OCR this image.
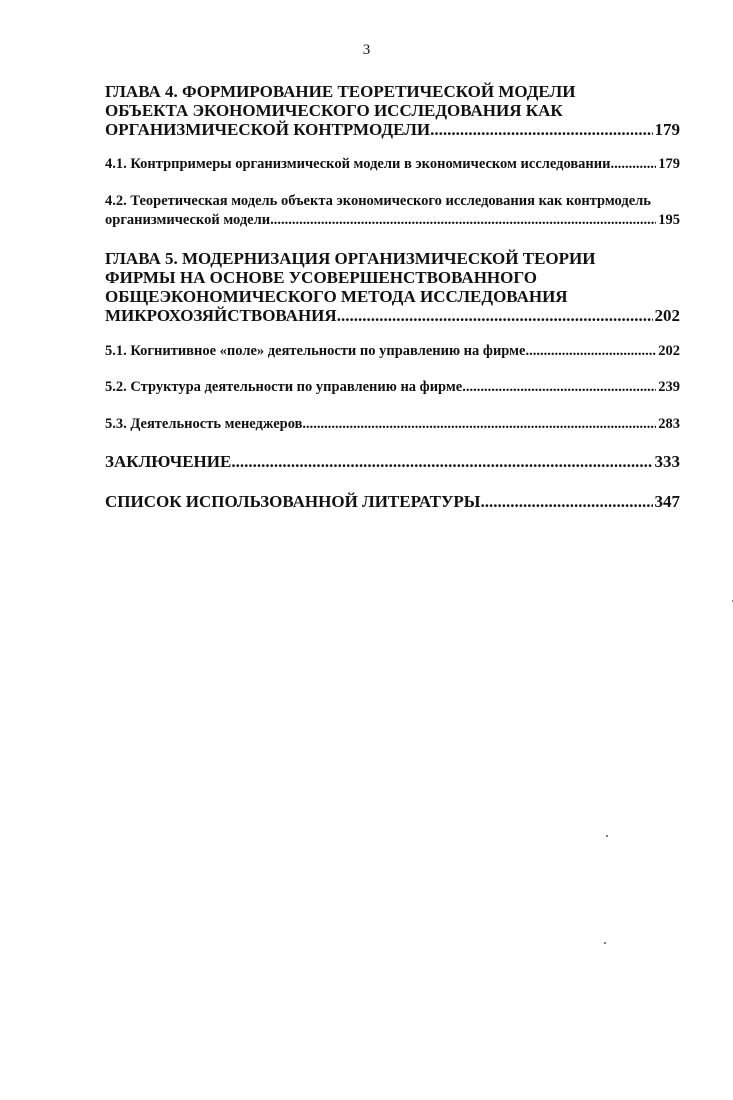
3
ГЛАВА 4. ФОРМИРОВАНИЕ ТЕОРЕТИЧЕСКОЙ МОДЕЛИ ОБЪЕКТА ЭКОНОМИЧЕСКОГО ИССЛЕДОВАНИЯ КАК ОРГАНИЗМИЧЕСКОЙ КОНТРМОДЕЛИ .....	179
4.1. Контрпримеры организмической модели в экономическом исследовании .....	179
4.2. Теоретическая модель объекта экономического исследования как контрмодель организмической модели .....	195
ГЛАВА 5. МОДЕРНИЗАЦИЯ ОРГАНИЗМИЧЕСКОЙ ТЕОРИИ ФИРМЫ НА ОСНОВЕ УСОВЕРШЕНСТВОВАННОГО ОБЩЕЭКОНОМИЧЕСКОГО МЕТОДА ИССЛЕДОВАНИЯ МИКРОХОЗЯЙСТВОВАНИЯ .....	202
5.1. Когнитивное «поле» деятельности по управлению на фирме .....	202
5.2. Структура деятельности по управлению на фирме .....	239
5.3. Деятельность менеджеров .....	283
ЗАКЛЮЧЕНИЕ .....	333
СПИСОК ИСПОЛЬЗОВАННОЙ ЛИТЕРАТУРЫ .....	347
